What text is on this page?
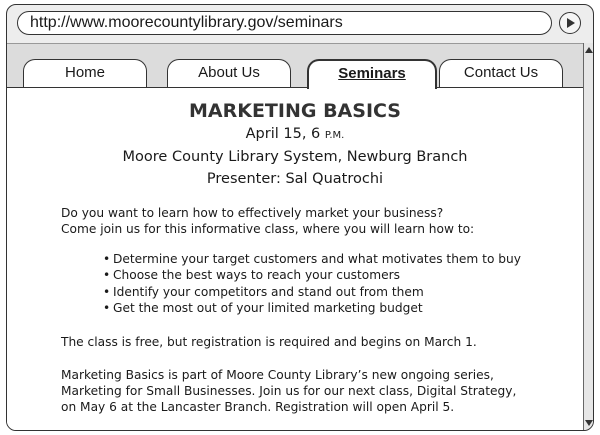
http://www.moorecountylibrary.gov/seminars
Home	About Us	Seminars	Contact Us
MARKETING BASICS
April 15, 6 P.M.
Moore County Library System, Newburg Branch
Presenter: Sal Quatrochi
Do you want to learn how to effectively market your business?
Come join us for this informative class, where you will learn how to:
• Determine your target customers and what motivates them to buy
• Choose the best ways to reach your customers
• Identify your competitors and stand out from them
• Get the most out of your limited marketing budget
The class is free, but registration is required and begins on March 1.
Marketing Basics is part of Moore County Library’s new ongoing series,
Marketing for Small Businesses. Join us for our next class, Digital Strategy,
on May 6 at the Lancaster Branch. Registration will open April 5.
